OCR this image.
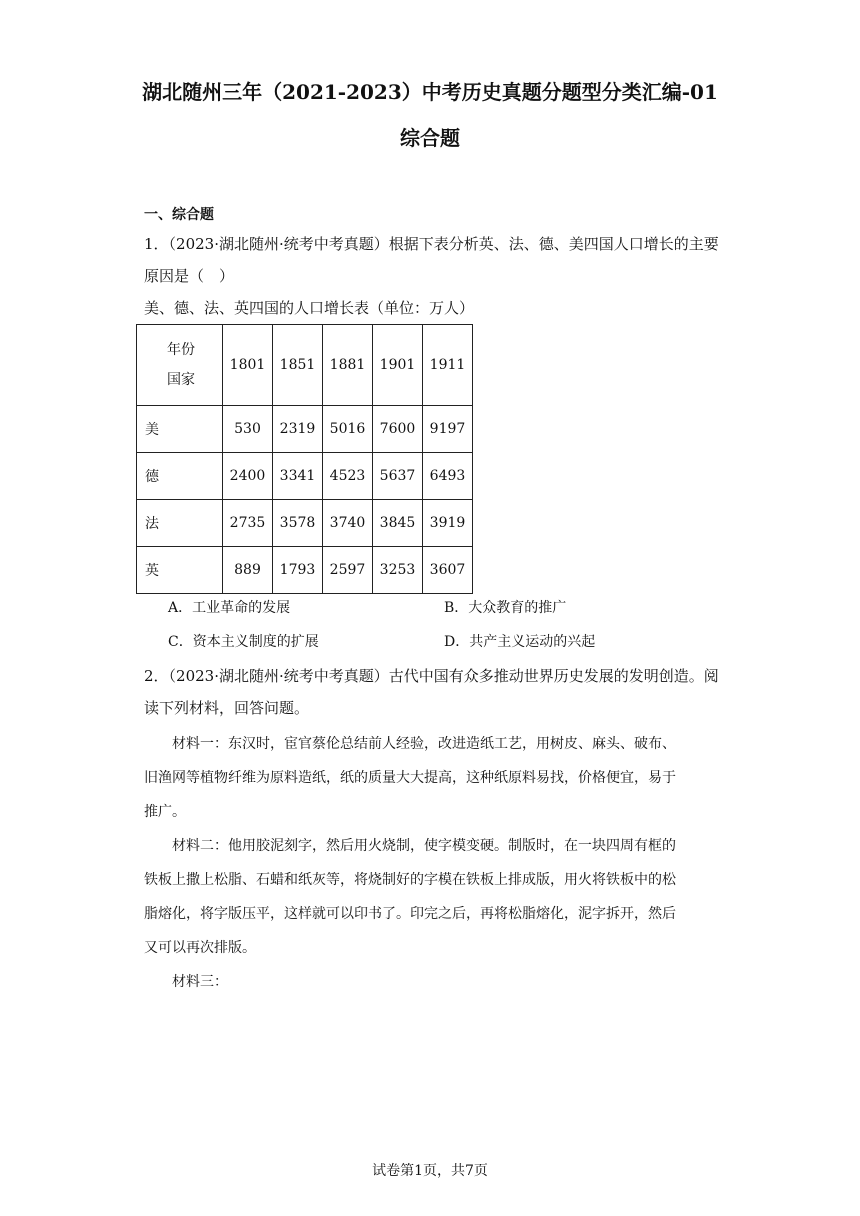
湖北随州三年（2021-2023）中考历史真题分题型分类汇编-01
综合题
一、综合题
1．（2023·湖北随州·统考中考真题）根据下表分析英、法、德、美四国人口增长的主要
原因是（　）
美、德、法、英四国的人口增长表（单位：万人）
年份
国家	1801	1851	1881	1901	1911
美	530	2319	5016	7600	9197
德	2400	3341	4523	5637	6493
法	2735	3578	3740	3845	3919
英	889	1793	2597	3253	3607
A．工业革命的发展	B．大众教育的推广
C．资本主义制度的扩展	D．共产主义运动的兴起
2．（2023·湖北随州·统考中考真题）古代中国有众多推动世界历史发展的发明创造。阅
读下列材料，回答问题。
　　材料一：东汉时，宦官蔡伦总结前人经验，改进造纸工艺，用树皮、麻头、破布、
旧渔网等植物纤维为原料造纸，纸的质量大大提高，这种纸原料易找，价格便宜，易于
推广。
　　材料二：他用胶泥刻字，然后用火烧制，使字模变硬。制版时，在一块四周有框的
铁板上撒上松脂、石蜡和纸灰等，将烧制好的字模在铁板上排成版，用火将铁板中的松
脂熔化，将字版压平，这样就可以印书了。印完之后，再将松脂熔化，泥字拆开，然后
又可以再次排版。
　　材料三：
试卷第1页，共7页
